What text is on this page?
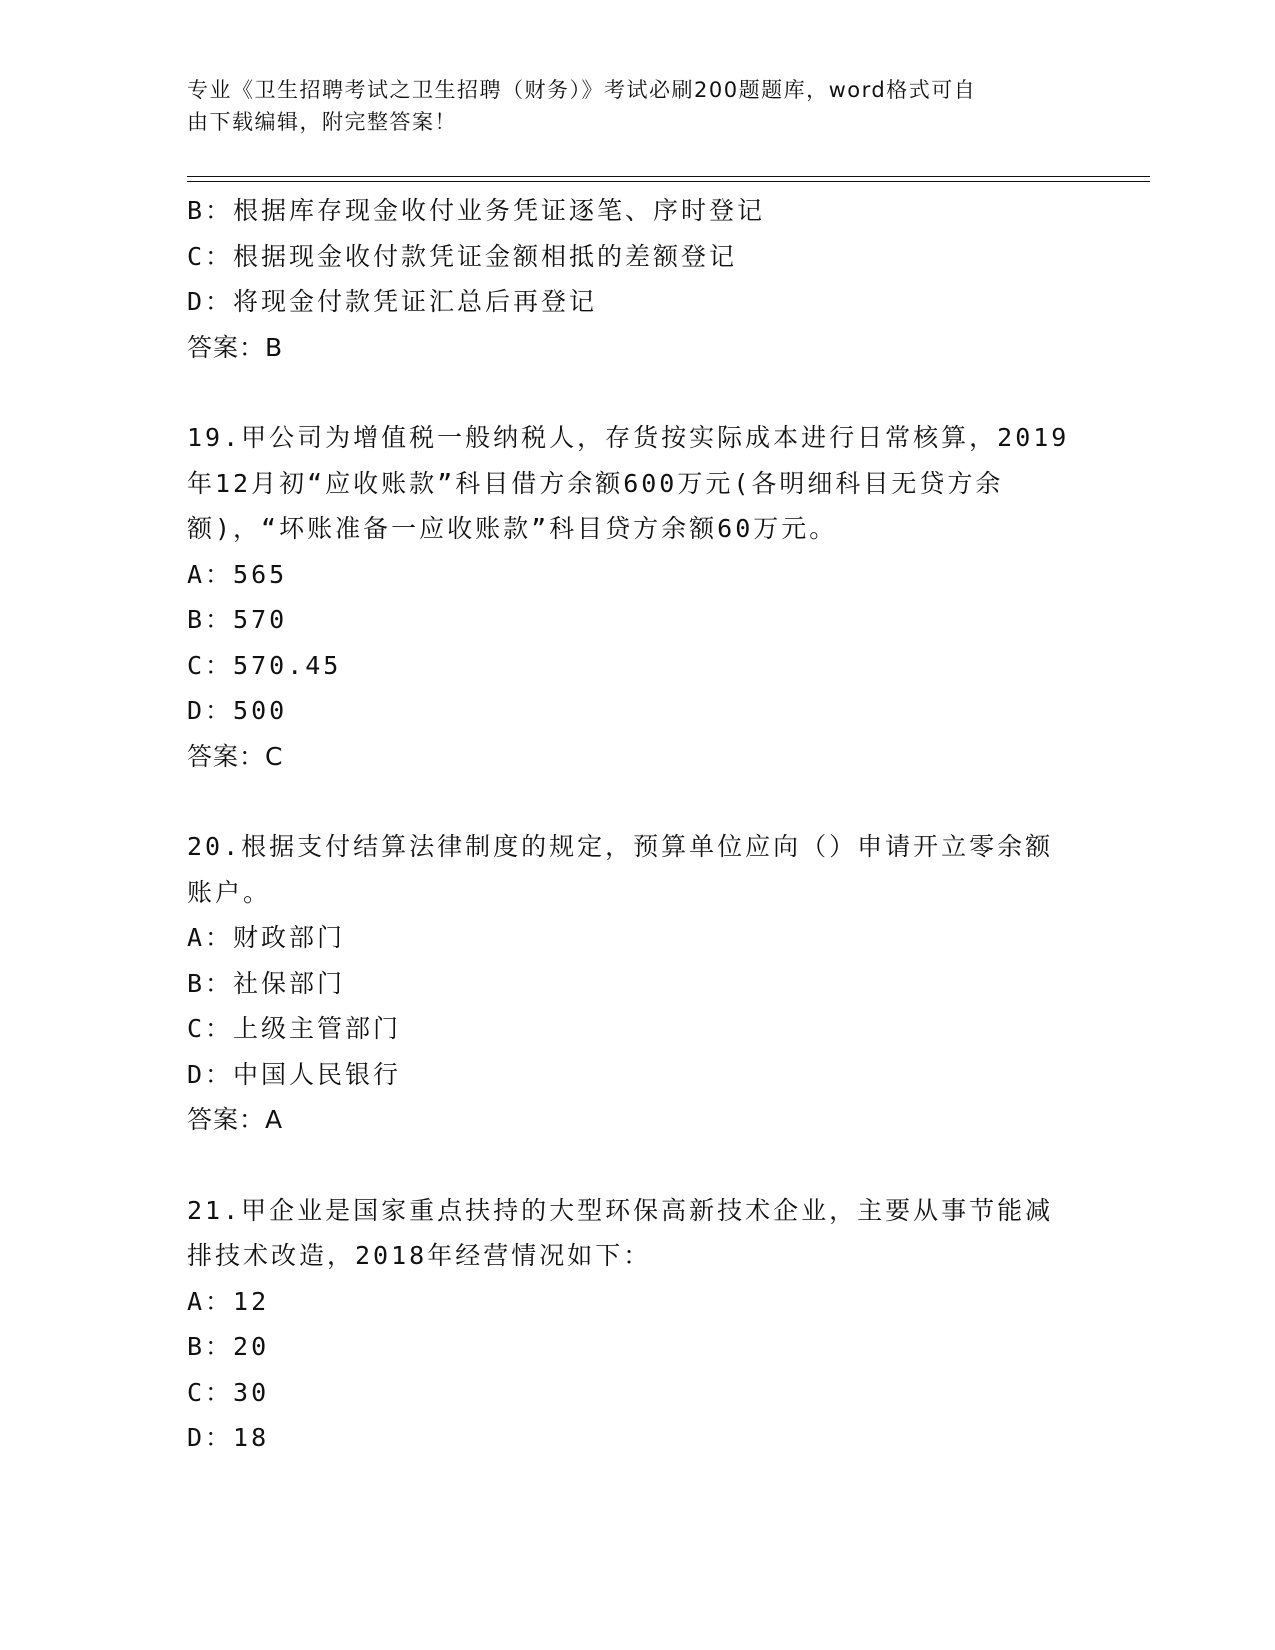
专业《卫生招聘考试之卫生招聘（财务）》考试必刷200题题库，word格式可自
由下载编辑，附完整答案！
B：根据库存现金收付业务凭证逐笔、序时登记
C：根据现金收付款凭证金额相抵的差额登记
D：将现金付款凭证汇总后再登记
答案：B
19.甲公司为增值税一般纳税人，存货按实际成本进行日常核算，2019
年12月初“应收账款”科目借方余额600万元(各明细科目无贷方余
额)，“坏账准备一应收账款”科目贷方余额60万元。
A：565
B：570
C：570.45
D：500
答案：C
20.根据支付结算法律制度的规定，预算单位应向（）申请开立零余额
账户。
A：财政部门
B：社保部门
C：上级主管部门
D：中国人民银行
答案：A
21.甲企业是国家重点扶持的大型环保高新技术企业，主要从事节能减
排技术改造，2018年经营情况如下：
A：12
B：20
C：30
D：18
